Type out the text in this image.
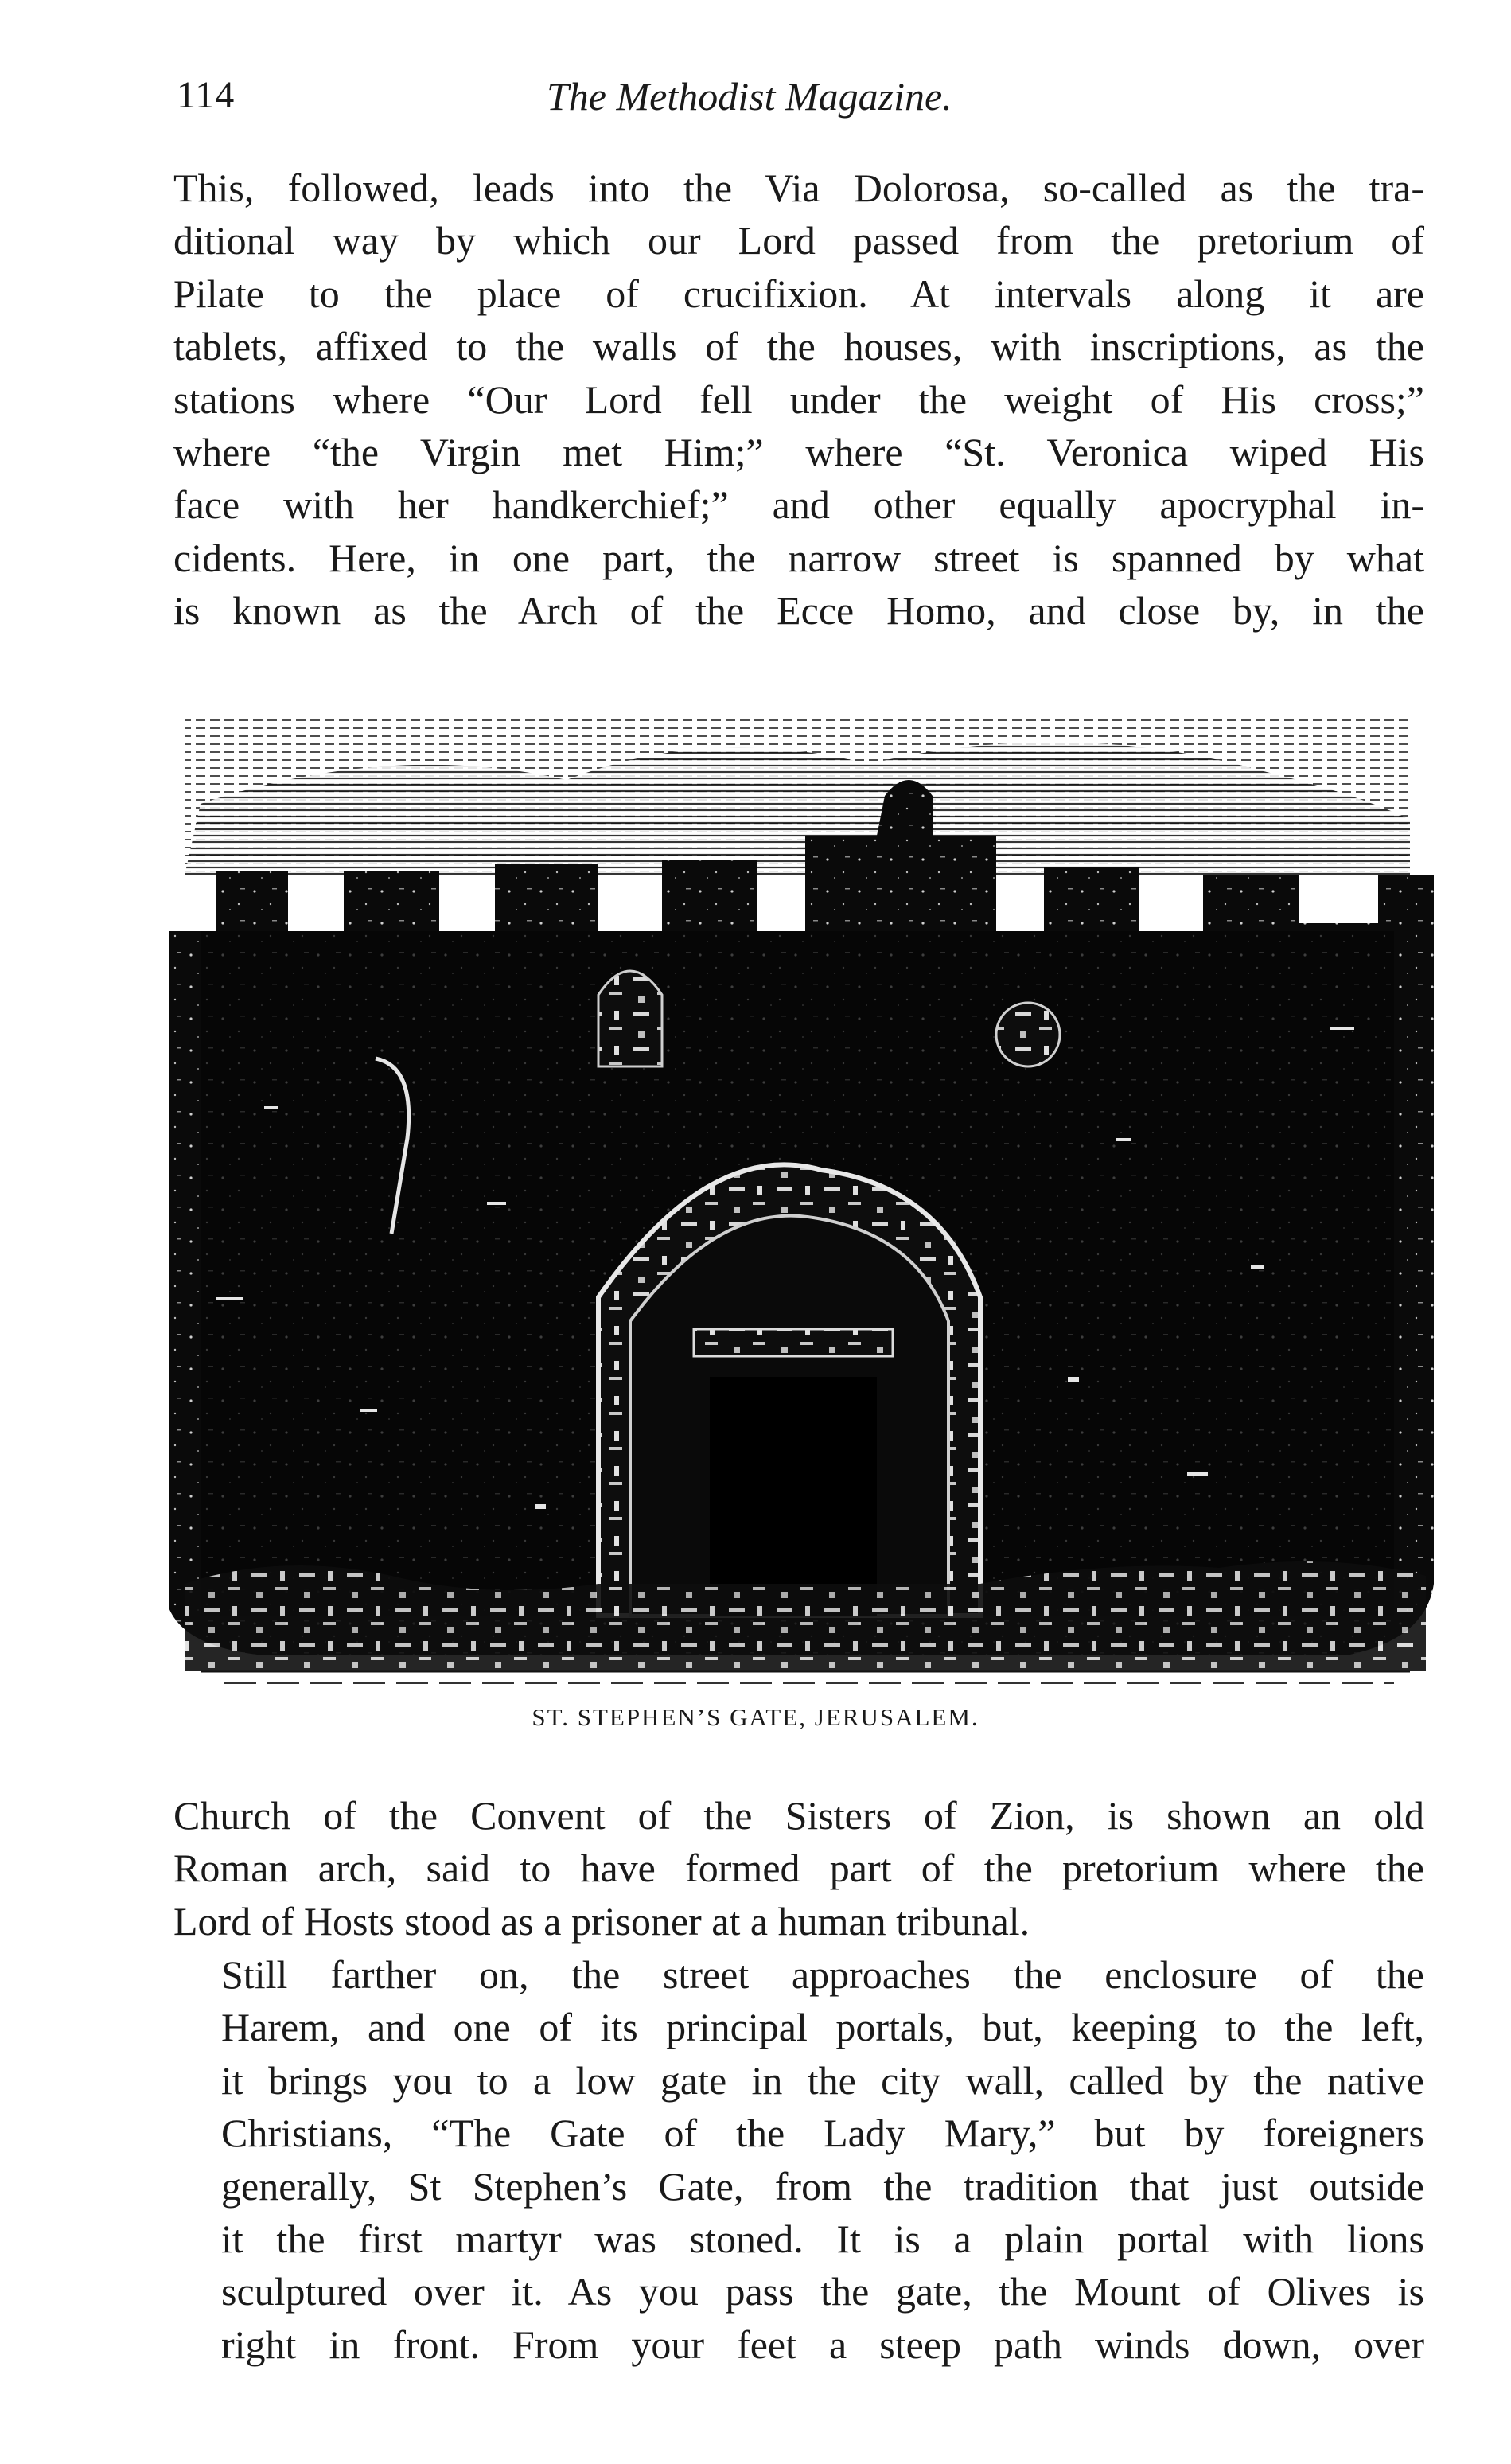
114	The Methodist Magazine.
This, followed, leads into the Via Dolorosa, so-called as the tra-
ditional way by which our Lord passed from the pretorium of
Pilate to the place of crucifixion. At intervals along it are
tablets, affixed to the walls of the houses, with inscriptions, as the
stations where “Our Lord fell under the weight of His cross;”
where “the Virgin met Him;” where “St. Veronica wiped His
face with her handkerchief;” and other equally apocryphal in-
cidents. Here, in one part, the narrow street is spanned by what
is known as the Arch of the Ecce Homo, and close by, in the
ST. STEPHEN’S GATE, JERUSALEM.
Church of the Convent of the Sisters of Zion, is shown an old
Roman arch, said to have formed part of the pretorium where the
Lord of Hosts stood as a prisoner at a human tribunal.
Still farther on, the street approaches the enclosure of the
Harem, and one of its principal portals, but, keeping to the left,
it brings you to a low gate in the city wall, called by the native
Christians, “The Gate of the Lady Mary,” but by foreigners
generally, St Stephen’s Gate, from the tradition that just outside
it the first martyr was stoned. It is a plain portal with lions
sculptured over it. As you pass the gate, the Mount of Olives is
right in front. From your feet a steep path winds down, over
